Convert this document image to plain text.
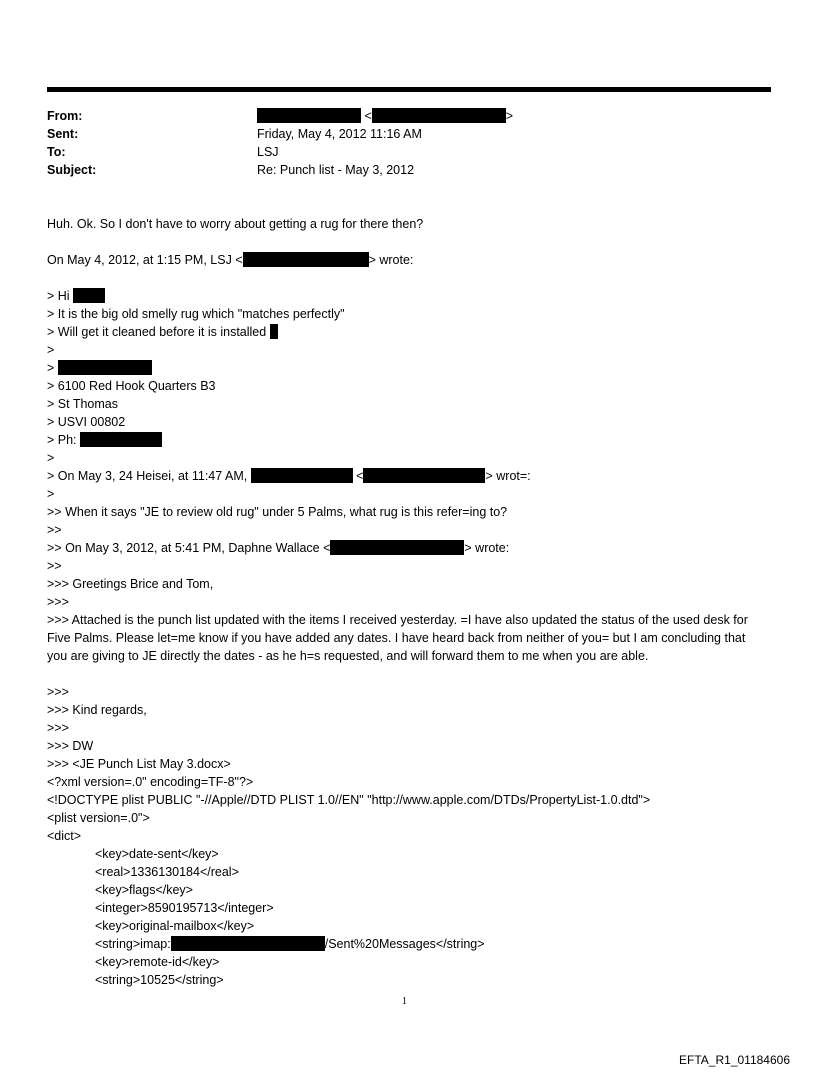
From:	<	>
Sent:	Friday, May 4, 2012 11:16 AM
To:	LSJ
Subject:	Re: Punch list - May 3, 2012
Huh. Ok. So I don't have to worry about getting a rug for there then?
On May 4, 2012, at 1:15 PM, LSJ <	> wrote:
> Hi
> It is the big old smelly rug which "matches perfectly"
> Will get it cleaned before it is installed
>
>
> 6100 Red Hook Quarters B3
> St Thomas
> USVI 00802
> Ph:
>
> On May 3, 24 Heisei, at 11:47 AM,	<	> wrot=:
>
>> When it says "JE to review old rug" under 5 Palms, what rug is this refer=ing to?
>>
>> On May 3, 2012, at 5:41 PM, Daphne Wallace <	> wrote:
>>
>>> Greetings Brice and Tom,
>>>
>>> Attached is the punch list updated with the items I received yesterday. =I have also updated the status of the used desk for Five Palms. Please let=me know if you have added any dates. I have heard back from neither of you= but I am concluding that you are giving to JE directly the dates - as he h=s requested, and will forward them to me when you are able.
>>>
>>> Kind regards,
>>>
>>> DW
>>> <JE Punch List May 3.docx>
<?xml version=.0" encoding=TF-8"?>
<!DOCTYPE plist PUBLIC "-//Apple//DTD PLIST 1.0//EN" "http://www.apple.com/DTDs/PropertyList-1.0.dtd">
<plist version=.0">
<dict>
<key>date-sent</key>
<real>1336130184</real>
<key>flags</key>
<integer>8590195713</integer>
<key>original-mailbox</key>
<string>imap:	/Sent%20Messages</string>
<key>remote-id</key>
<string>10525</string>
1
EFTA_R1_01184606
